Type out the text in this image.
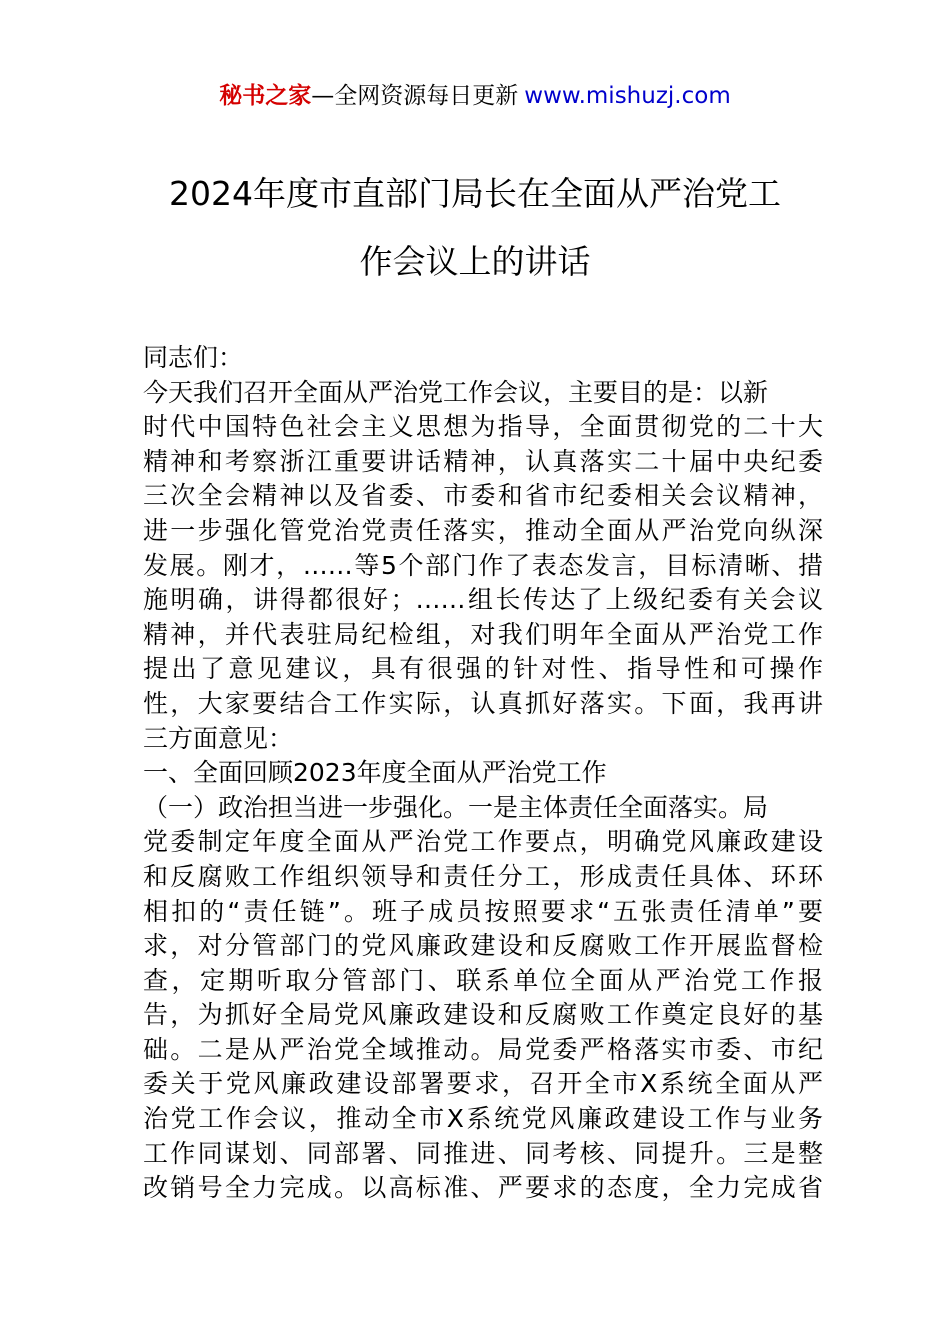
秘书之家—全网资源每日更新 www.mishuzj.com
2024年度市直部门局长在全面从严治党工
作会议上的讲话
同志们：
今天我们召开全面从严治党工作会议，主要目的是：以新
时代中国特色社会主义思想为指导，全面贯彻党的二十大
精神和考察浙江重要讲话精神，认真落实二十届中央纪委
三次全会精神以及省委、市委和省市纪委相关会议精神，
进一步强化管党治党责任落实，推动全面从严治党向纵深
发展。刚才，……等5个部门作了表态发言，目标清晰、措
施明确，讲得都很好；……组长传达了上级纪委有关会议
精神，并代表驻局纪检组，对我们明年全面从严治党工作
提出了意见建议，具有很强的针对性、指导性和可操作
性，大家要结合工作实际，认真抓好落实。下面，我再讲
三方面意见：
一、全面回顾2023年度全面从严治党工作
（一）政治担当进一步强化。一是主体责任全面落实。局
党委制定年度全面从严治党工作要点，明确党风廉政建设
和反腐败工作组织领导和责任分工，形成责任具体、环环
相扣的“责任链”。班子成员按照要求“五张责任清单”要
求，对分管部门的党风廉政建设和反腐败工作开展监督检
查，定期听取分管部门、联系单位全面从严治党工作报
告，为抓好全局党风廉政建设和反腐败工作奠定良好的基
础。二是从严治党全域推动。局党委严格落实市委、市纪
委关于党风廉政建设部署要求，召开全市X系统全面从严
治党工作会议，推动全市X系统党风廉政建设工作与业务
工作同谋划、同部署、同推进、同考核、同提升。三是整
改销号全力完成。以高标准、严要求的态度，全力完成省
